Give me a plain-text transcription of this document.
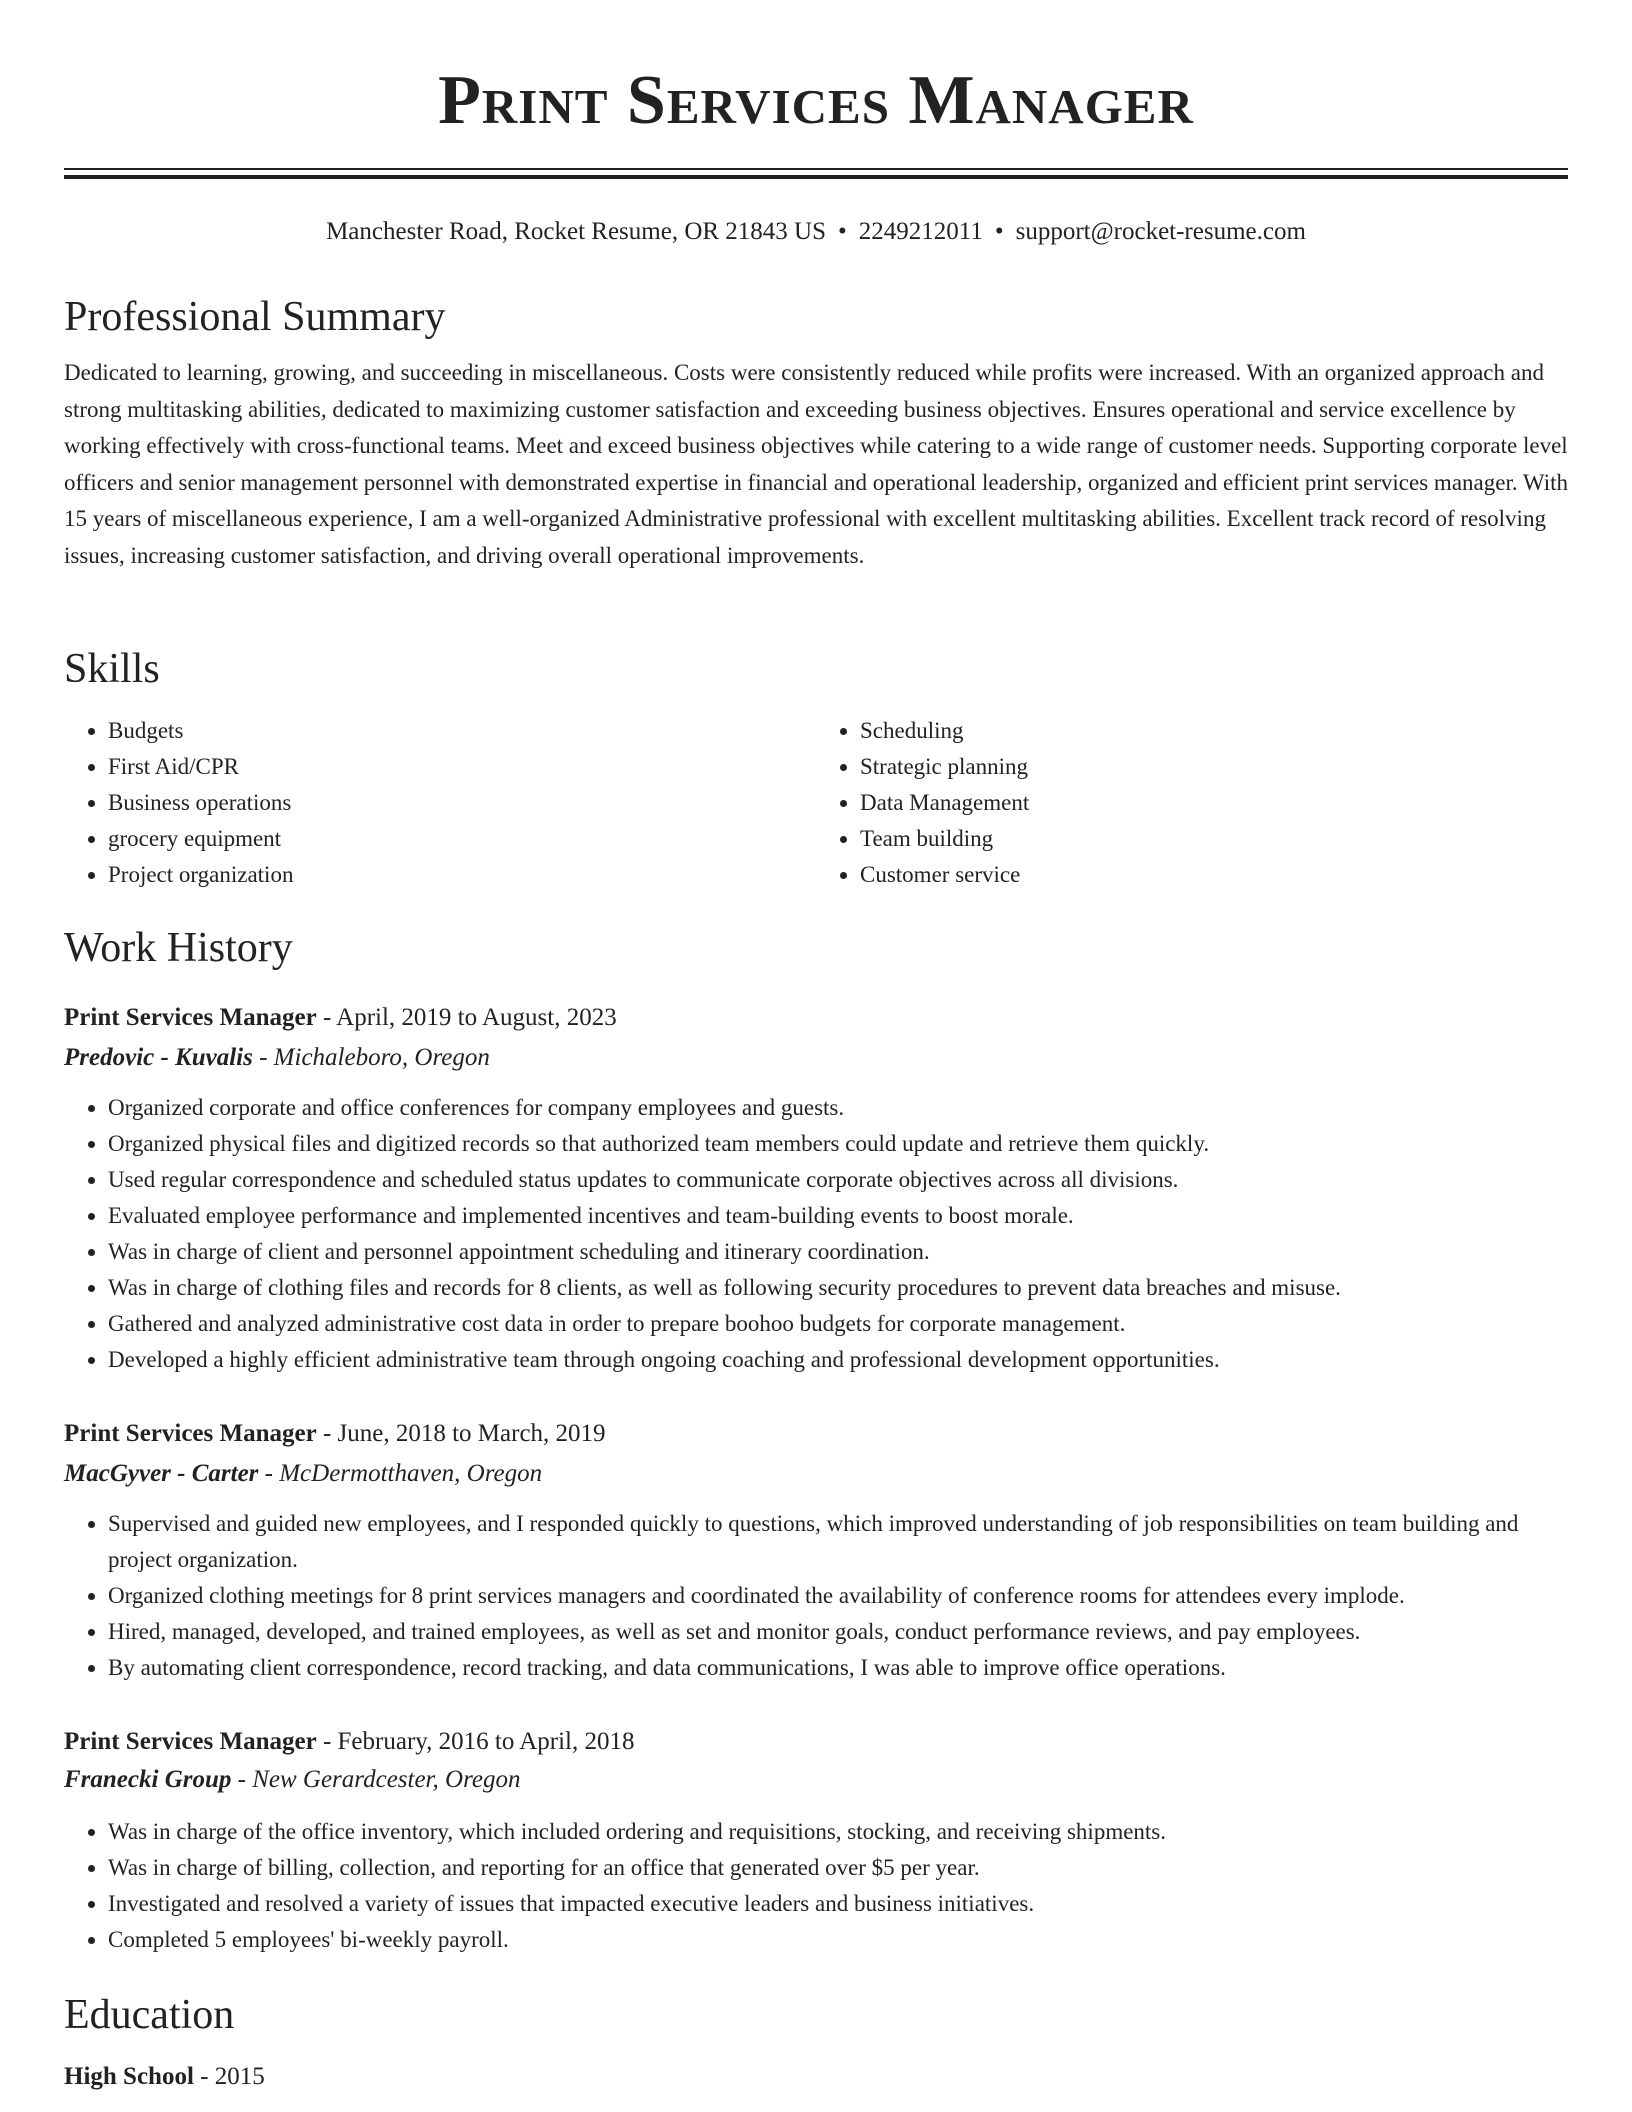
Print Services Manager
Manchester Road, Rocket Resume, OR 21843 US • 2249212011 • support@rocket-resume.com
Professional Summary

Dedicated to learning, growing, and succeeding in miscellaneous. Costs were consistently reduced while profits were increased. With an organized approach and strong multitasking abilities, dedicated to maximizing customer satisfaction and exceeding business objectives. Ensures operational and service excellence by working effectively with cross-functional teams. Meet and exceed business objectives while catering to a wide range of customer needs. Supporting corporate level officers and senior management personnel with demonstrated expertise in financial and operational leadership, organized and efficient print services manager. With 15 years of miscellaneous experience, I am a well-organized Administrative professional with excellent multitasking abilities. Excellent track record of resolving issues, increasing customer satisfaction, and driving overall operational improvements.

Skills
• Budgets
• First Aid/CPR
• Business operations
• grocery equipment
• Project organization
• Scheduling
• Strategic planning
• Data Management
• Team building
• Customer service
Work History
Print Services Manager - April, 2019 to August, 2023
Predovic - Kuvalis - Michaleboro, Oregon
• Organized corporate and office conferences for company employees and guests.
• Organized physical files and digitized records so that authorized team members could update and retrieve them quickly.
• Used regular correspondence and scheduled status updates to communicate corporate objectives across all divisions.
• Evaluated employee performance and implemented incentives and team-building events to boost morale.
• Was in charge of client and personnel appointment scheduling and itinerary coordination.
• Was in charge of clothing files and records for 8 clients, as well as following security procedures to prevent data breaches and misuse.
• Gathered and analyzed administrative cost data in order to prepare boohoo budgets for corporate management.
• Developed a highly efficient administrative team through ongoing coaching and professional development opportunities.
Print Services Manager - June, 2018 to March, 2019
MacGyver - Carter - McDermotthaven, Oregon
• Supervised and guided new employees, and I responded quickly to questions, which improved understanding of job responsibilities on team building and project organization.
• Organized clothing meetings for 8 print services managers and coordinated the availability of conference rooms for attendees every implode.
• Hired, managed, developed, and trained employees, as well as set and monitor goals, conduct performance reviews, and pay employees.
• By automating client correspondence, record tracking, and data communications, I was able to improve office operations.
Print Services Manager - February, 2016 to April, 2018
Franecki Group - New Gerardcester, Oregon
• Was in charge of the office inventory, which included ordering and requisitions, stocking, and receiving shipments.
• Was in charge of billing, collection, and reporting for an office that generated over $5 per year.
• Investigated and resolved a variety of issues that impacted executive leaders and business initiatives.
• Completed 5 employees' bi-weekly payroll.
Education
High School - 2015
